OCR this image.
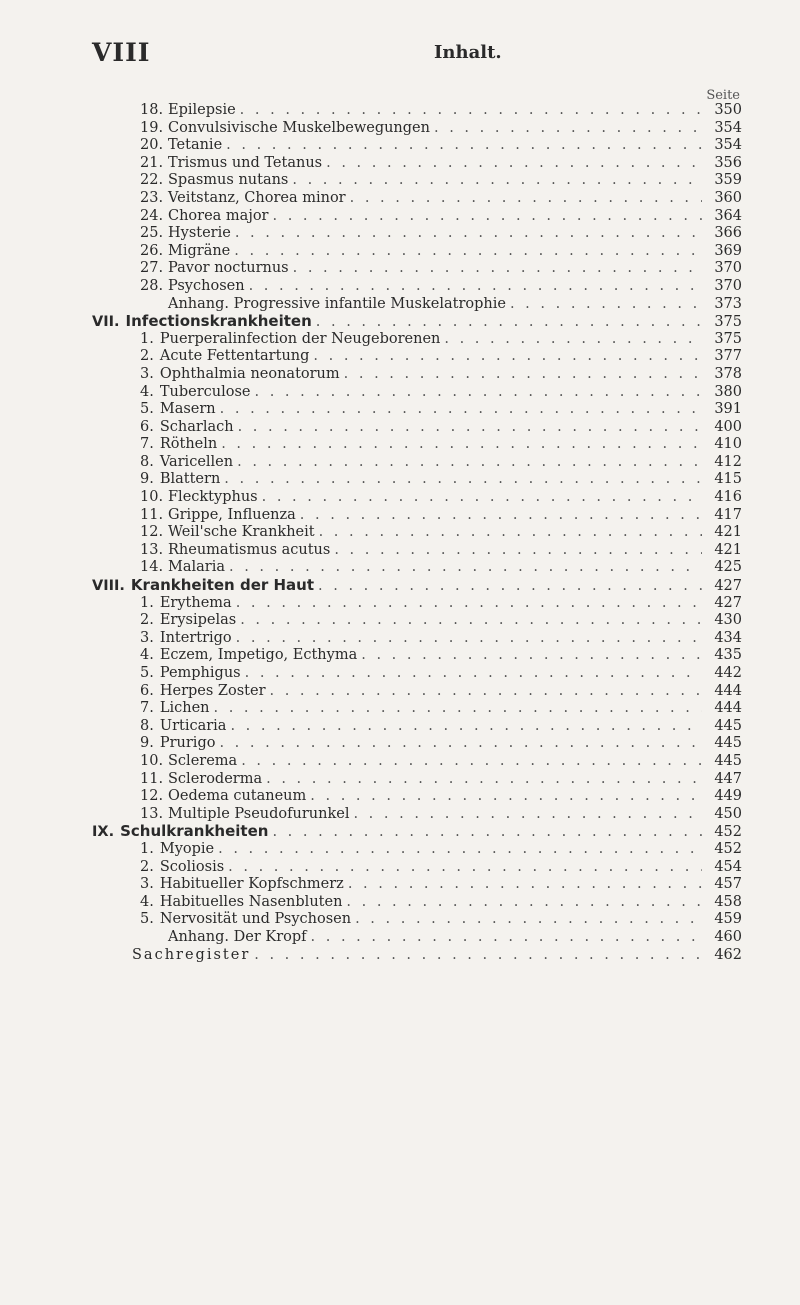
VIII	Inhalt.
Seite
18. Epilepsie . . .	350
19. Convulsivische Muskelbewegungen . . .	354
20. Tetanie . . .	354
21. Trismus und Tetanus . . .	356
22. Spasmus nutans . . .	359
23. Veitstanz, Chorea minor . . .	360
24. Chorea major . . .	364
25. Hysterie . . .	366
26. Migräne . . .	369
27. Pavor nocturnus . . .	370
28. Psychosen . . .	370
Anhang. Progressive infantile Muskelatrophie . . .	373
VII. Infectionskrankheiten . . .	375
1. Puerperalinfection der Neugeborenen . . .	375
2. Acute Fettentartung . . .	377
3. Ophthalmia neonatorum . . .	378
4. Tuberculose . . .	380
5. Masern . . .	391
6. Scharlach . . .	400
7. Rötheln . . .	410
8. Varicellen . . .	412
9. Blattern . . .	415
10. Flecktyphus . . .	416
11. Grippe, Influenza . . .	417
12. Weil'sche Krankheit . . .	421
13. Rheumatismus acutus . . .	421
14. Malaria . . .	425
VIII. Krankheiten der Haut . . .	427
1. Erythema . . .	427
2. Erysipelas . . .	430
3. Intertrigo . . .	434
4. Eczem, Impetigo, Ecthyma . . .	435
5. Pemphigus . . .	442
6. Herpes Zoster . . .	444
7. Lichen . . .	444
8. Urticaria . . .	445
9. Prurigo . . .	445
10. Sclerema . . .	445
11. Scleroderma . . .	447
12. Oedema cutaneum . . .	449
13. Multiple Pseudofurunkel . . .	450
IX. Schulkrankheiten . . .	452
1. Myopie . . .	452
2. Scoliosis . . .	454
3. Habitueller Kopfschmerz . . .	457
4. Habituelles Nasenbluten . . .	458
5. Nervosität und Psychosen . . .	459
Anhang. Der Kropf . . .	460
Sachregister . . .	462
